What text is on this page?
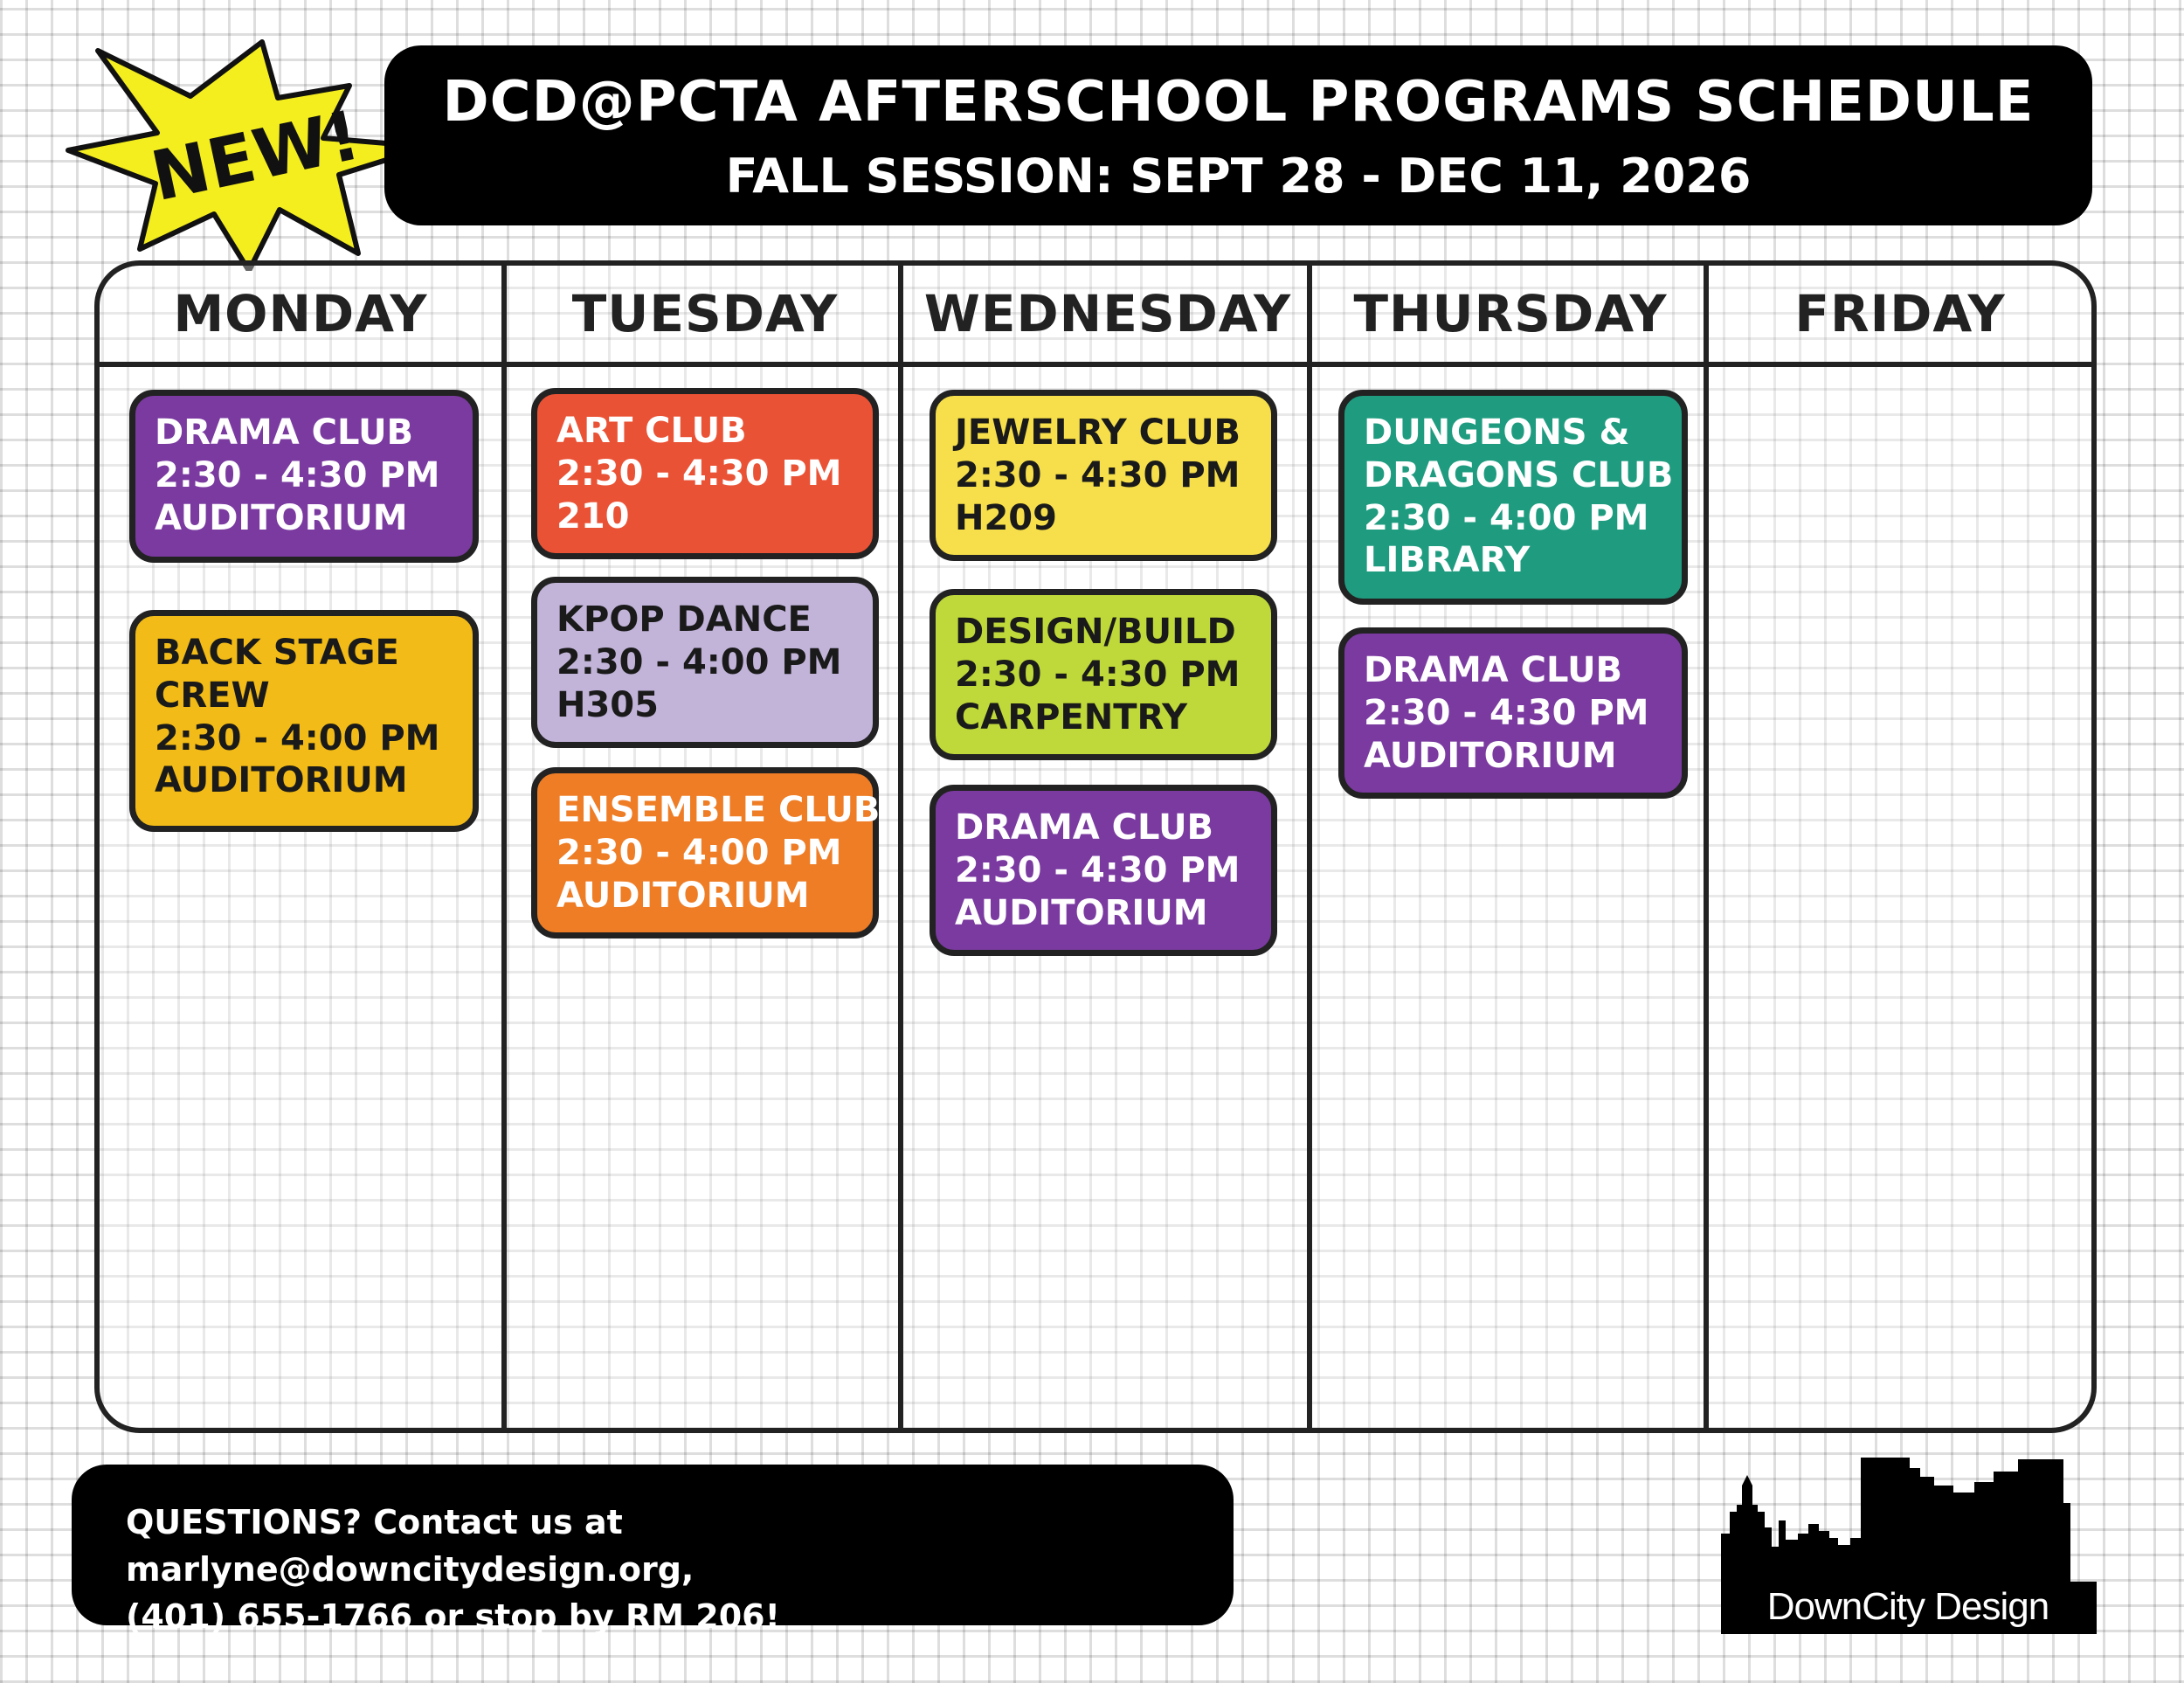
NEW!	DCD@PCTA AFTERSCHOOL PROGRAMS SCHEDULE
FALL SESSION: SEPT 28 - DEC 11, 2026
MONDAY
DRAMA CLUB
2:30 - 4:30 PM
AUDITORIUM
BACK STAGE
CREW
2:30 - 4:00 PM
AUDITORIUM
TUESDAY
ART CLUB
2:30 - 4:30 PM
210
KPOP DANCE
2:30 - 4:00 PM
H305
ENSEMBLE CLUB
2:30 - 4:00 PM
AUDITORIUM
WEDNESDAY
JEWELRY CLUB
2:30 - 4:30 PM
H209
DESIGN/BUILD
2:30 - 4:30 PM
CARPENTRY
DRAMA CLUB
2:30 - 4:30 PM
AUDITORIUM
THURSDAY
DUNGEONS &
DRAGONS CLUB
2:30 - 4:00 PM
LIBRARY
DRAMA CLUB
2:30 - 4:30 PM
AUDITORIUM
FRIDAY
QUESTIONS? Contact us at marlyne@downcitydesign.org,
(401) 655-1766 or stop by RM 206!	DownCity Design
